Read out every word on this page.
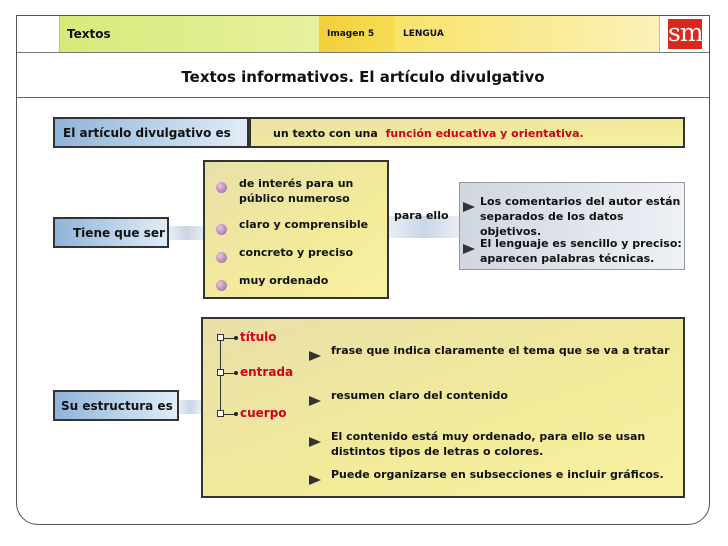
Textos	Imagen 5	LENGUA	sm
Textos informativos. El artículo divulgativo
El artículo divulgativo es	un texto con una función educativa y orientativa.
Tiene que ser
de interés para un público numeroso
claro y comprensible
concreto y preciso
muy ordenado
para ello
Los comentarios del autor están separados de los datos objetivos.
El lenguaje es sencillo y preciso: aparecen palabras técnicas.
Su estructura es
título
frase que indica claramente el tema que se va a tratar
entrada
resumen claro del contenido
cuerpo
El contenido está muy ordenado, para ello se usan distintos tipos de letras o colores.
Puede organizarse en subsecciones e incluir gráficos.
